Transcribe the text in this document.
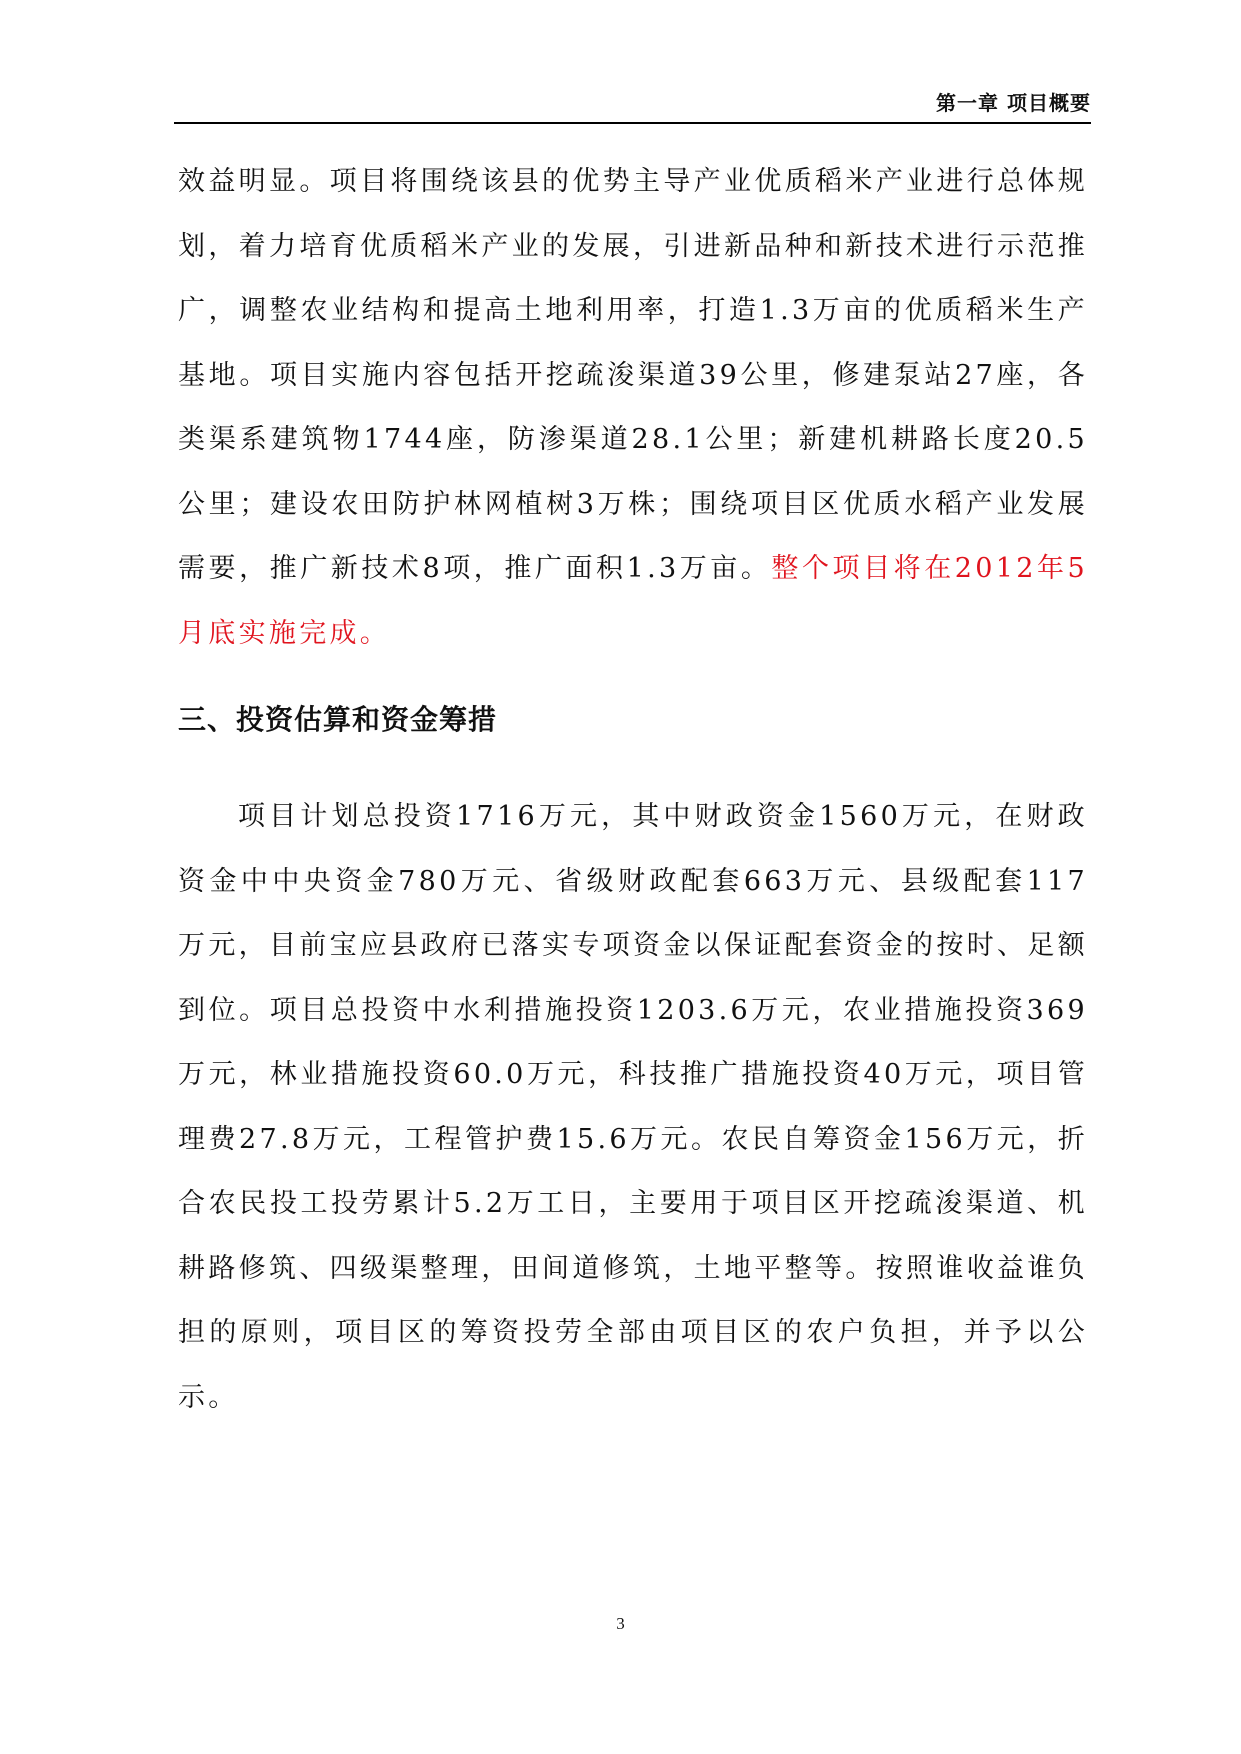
第一章 项目概要

效益明显。项目将围绕该县的优势主导产业优质稻米产业进行总体规划，着力培育优质稻米产业的发展，引进新品种和新技术进行示范推广，调整农业结构和提高土地利用率，打造1.3万亩的优质稻米生产基地。项目实施内容包括开挖疏浚渠道39公里，修建泵站27座，各类渠系建筑物1744座，防渗渠道28.1公里；新建机耕路长度20.5公里；建设农田防护林网植树3万株；围绕项目区优质水稻产业发展需要，推广新技术8项，推广面积1.3万亩。整个项目将在2012年5月底实施完成。

三、投资估算和资金筹措

项目计划总投资1716万元，其中财政资金1560万元，在财政资金中中央资金780万元、省级财政配套663万元、县级配套117万元，目前宝应县政府已落实专项资金以保证配套资金的按时、足额到位。项目总投资中水利措施投资1203.6万元，农业措施投资369万元，林业措施投资60.0万元，科技推广措施投资40万元，项目管理费27.8万元，工程管护费15.6万元。农民自筹资金156万元，折合农民投工投劳累计5.2万工日，主要用于项目区开挖疏浚渠道、机耕路修筑、四级渠整理，田间道修筑，土地平整等。按照谁收益谁负担的原则，项目区的筹资投劳全部由项目区的农户负担，并予以公示。

3
